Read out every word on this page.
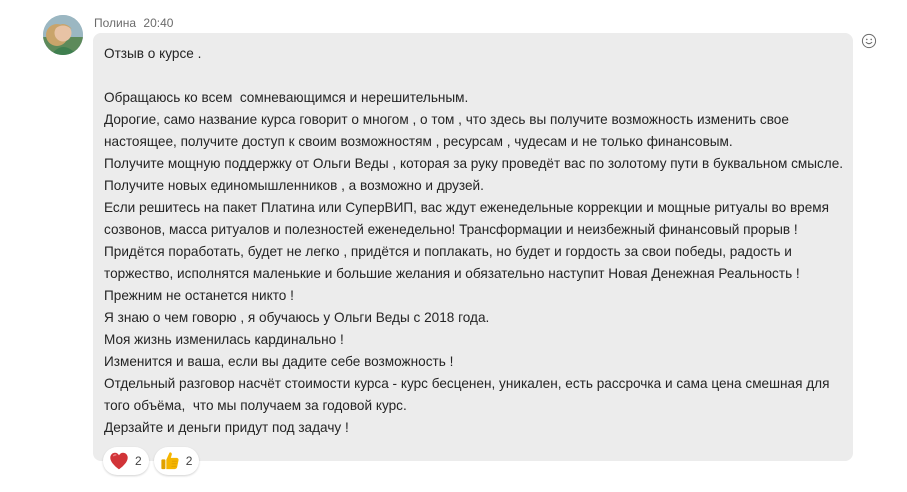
Полина 20:40
Отзыв о курсе .
Обращаюсь ко всем  сомневающимся и нерешительным.
Дорогие, само название курса говорит о многом , о том , что здесь вы получите возможность изменить свое
настоящее, получите доступ к своим возможностям , ресурсам , чудесам и не только финансовым.
Получите мощную поддержку от Ольги Веды , которая за руку проведёт вас по золотому пути в буквальном смысле.
Получите новых единомышленников , а возможно и друзей.
Если решитесь на пакет Платина или СуперВИП, вас ждут еженедельные коррекции и мощные ритуалы во время
созвонов, масса ритуалов и полезностей еженедельно! Трансформации и неизбежный финансовый прорыв !
Придётся поработать, будет не легко , придётся и поплакать, но будет и гордость за свои победы, радость и
торжество, исполнятся маленькие и большие желания и обязательно наступит Новая Денежная Реальность !
Прежним не останется никто !
Я знаю о чем говорю , я обучаюсь у Ольги Веды с 2018 года.
Моя жизнь изменилась кардинально !
Изменится и ваша, если вы дадите себе возможность !
Отдельный разговор насчёт стоимости курса - курс бесценен, уникален, есть рассрочка и сама цена смешная для
того объёма,  что мы получаем за годовой курс.
Дерзайте и деньги придут под задачу !
2	2
